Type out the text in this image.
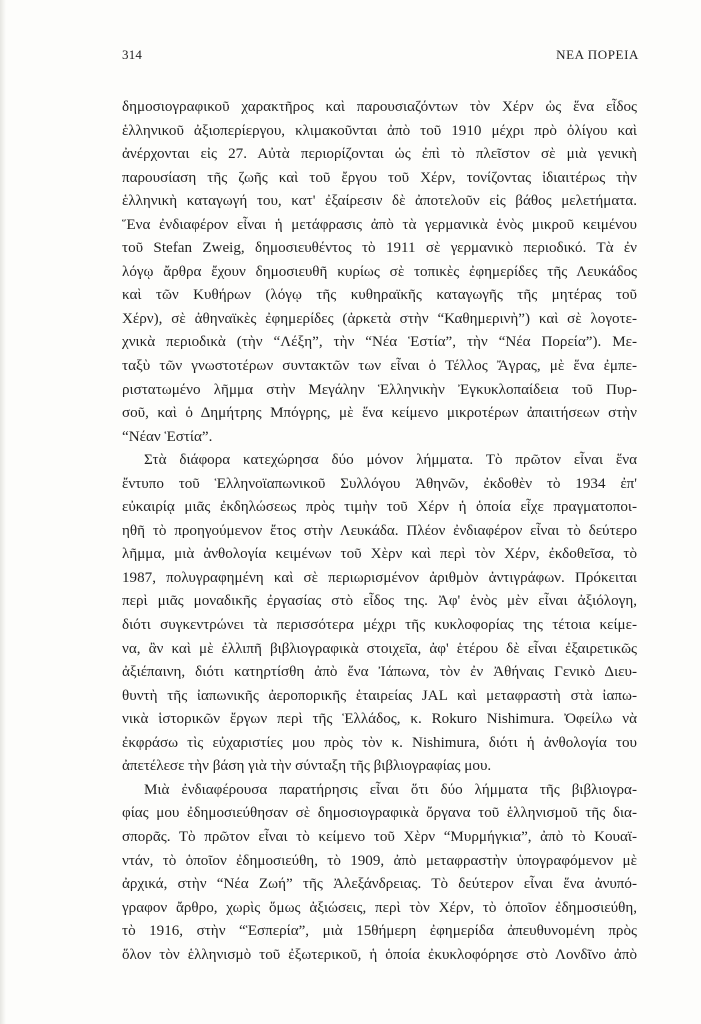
314	ΝΕΑ ΠΟΡΕΙΑ

δημοσιογραφικοῦ χαρακτῆρος καὶ παρουσιαζόντων τὸν Χέρν ὡς ἕνα εἶδος
ἑλληνικοῦ ἀξιοπερίεργου, κλιμακοῦνται ἀπὸ τοῦ 1910 μέχρι πρὸ ὀλίγου καὶ
ἀνέρχονται εἰς 27. Αὐτὰ περιορίζονται ὡς ἐπὶ τὸ πλεῖστον σὲ μιὰ γενικὴ
παρουσίαση τῆς ζωῆς καὶ τοῦ ἔργου τοῦ Χέρν, τονίζοντας ἰδιαιτέρως τὴν
ἑλληνικὴ καταγωγή του, κατ' ἐξαίρεσιν δὲ ἀποτελοῦν εἰς βάθος μελετήματα.
Ἕνα ἐνδιαφέρον εἶναι ἡ μετάφρασις ἀπὸ τὰ γερμανικὰ ἑνὸς μικροῦ κειμένου
τοῦ Stefan Zweig, δημοσιευθέντος τὸ 1911 σὲ γερμανικὸ περιοδικό. Τὰ ἐν
λόγῳ ἄρθρα ἔχουν δημοσιευθῆ κυρίως σὲ τοπικὲς ἐφημερίδες τῆς Λευκάδος
καὶ τῶν Κυθήρων (λόγῳ τῆς κυθηραϊκῆς καταγωγῆς τῆς μητέρας τοῦ
Χέρν), σὲ ἀθηναϊκὲς ἐφημερίδες (ἀρκετὰ στὴν “Καθημερινὴ”) καὶ σὲ λογοτε-
χνικὰ περιοδικὰ (τὴν “Λέξη”, τὴν “Νέα Ἑστία”, τὴν “Νέα Πορεία”). Με-
ταξὺ τῶν γνωστοτέρων συντακτῶν των εἶναι ὁ Τέλλος Ἄγρας, μὲ ἕνα ἐμπε-
ριστατωμένο λῆμμα στὴν Μεγάλην Ἑλληνικὴν Ἐγκυκλοπαίδεια τοῦ Πυρ-
σοῦ, καὶ ὁ Δημήτρης Μπόγρης, μὲ ἕνα κείμενο μικροτέρων ἀπαιτήσεων στὴν
“Νέαν Ἑστία”.

Στὰ διάφορα κατεχώρησα δύο μόνον λήμματα. Τὸ πρῶτον εἶναι ἕνα
ἔντυπο τοῦ Ἑλληνοϊαπωνικοῦ Συλλόγου Ἀθηνῶν, ἐκδοθὲν τὸ 1934 ἐπ'
εὐκαιρίᾳ μιᾶς ἐκδηλώσεως πρὸς τιμὴν τοῦ Χέρν ἡ ὁποία εἶχε πραγματοποι-
ηθῆ τὸ προηγούμενον ἔτος στὴν Λευκάδα. Πλέον ἐνδιαφέρον εἶναι τὸ δεύτερο
λῆμμα, μιὰ ἀνθολογία κειμένων τοῦ Χὲρν καὶ περὶ τὸν Χέρν, ἐκδοθεῖσα, τὸ
1987, πολυγραφημένη καὶ σὲ περιωρισμένον ἀριθμὸν ἀντιγράφων. Πρόκειται
περὶ μιᾶς μοναδικῆς ἐργασίας στὸ εἶδος της. Ἀφ' ἑνὸς μὲν εἶναι ἀξιόλογη,
διότι συγκεντρώνει τὰ περισσότερα μέχρι τῆς κυκλοφορίας της τέτοια κείμε-
να, ἂν καὶ μὲ ἐλλιπῆ βιβλιογραφικὰ στοιχεῖα, ἀφ' ἑτέρου δὲ εἶναι ἐξαιρετικῶς
ἀξιέπαινη, διότι κατηρτίσθη ἀπὸ ἕνα Ἰάπωνα, τὸν ἐν Ἀθήναις Γενικὸ Διευ-
θυντὴ τῆς ἰαπωνικῆς ἀεροπορικῆς ἑταιρείας JAL καὶ μεταφραστὴ στὰ ἰαπω-
νικὰ ἱστορικῶν ἔργων περὶ τῆς Ἑλλάδος, κ. Rokuro Nishimura. Ὀφείλω νὰ
ἐκφράσω τὶς εὐχαριστίες μου πρὸς τὸν κ. Nishimura, διότι ἡ ἀνθολογία του
ἀπετέλεσε τὴν βάση γιὰ τὴν σύνταξη τῆς βιβλιογραφίας μου.

Μιὰ ἐνδιαφέρουσα παρατήρησις εἶναι ὅτι δύο λήμματα τῆς βιβλιογρα-
φίας μου ἐδημοσιεύθησαν σὲ δημοσιογραφικὰ ὄργανα τοῦ ἑλληνισμοῦ τῆς δια-
σπορᾶς. Τὸ πρῶτον εἶναι τὸ κείμενο τοῦ Χὲρν “Μυρμήγκια”, ἀπὸ τὸ Κουαϊ-
ντάν, τὸ ὁποῖον ἐδημοσιεύθη, τὸ 1909, ἀπὸ μεταφραστὴν ὑπογραφόμενον μὲ
ἀρχικά, στὴν “Νέα Ζωή” τῆς Ἀλεξάνδρειας. Τὸ δεύτερον εἶναι ἕνα ἀνυπό-
γραφον ἄρθρο, χωρὶς ὅμως ἀξιώσεις, περὶ τὸν Χέρν, τὸ ὁποῖον ἐδημοσιεύθη,
τὸ 1916, στὴν “Ἑσπερία”, μιὰ 15θήμερη ἐφημερίδα ἀπευθυνομένη πρὸς
ὅλον τὸν ἑλληνισμὸ τοῦ ἐξωτερικοῦ, ἡ ὁποία ἐκυκλοφόρησε στὸ Λονδῖνο ἀπὸ
